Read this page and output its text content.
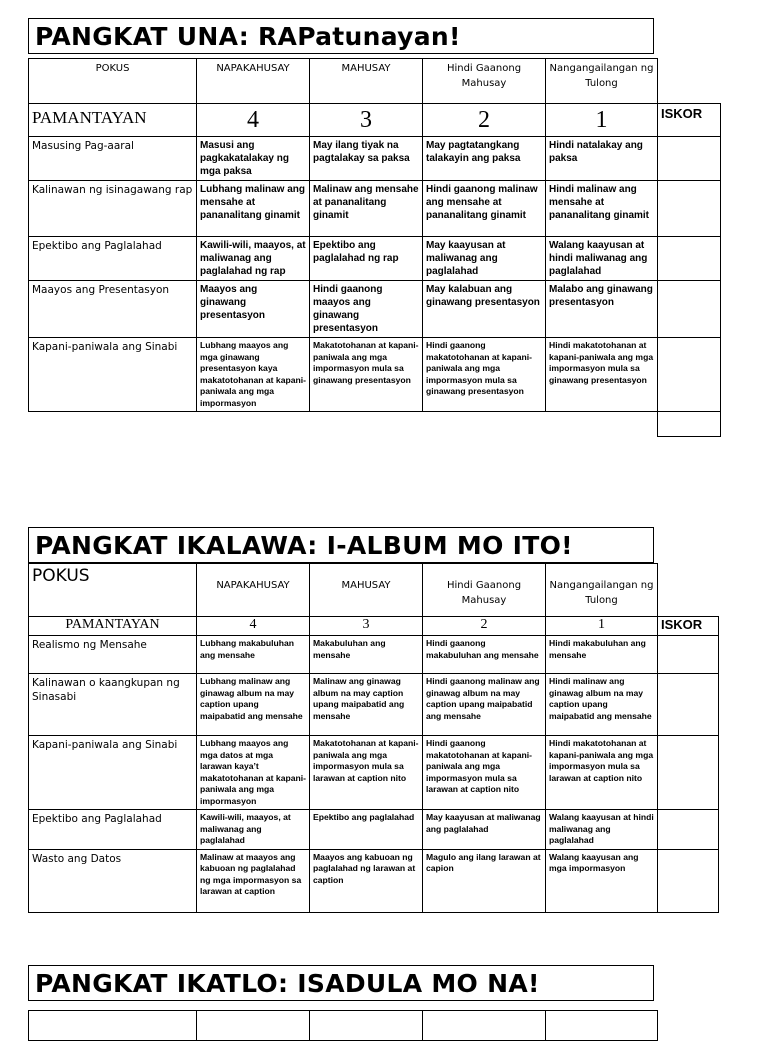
PANGKAT UNA: RAPatunayan!
POKUS	NAPAKAHUSAY	MAHUSAY	Hindi Gaanong Mahusay	Nangangailangan ng Tulong	
PAMANTAYAN	4	3	2	1	ISKOR
Masusing Pag-aaral	Masusi ang pagkakatalakay ng mga paksa	May ilang tiyak na pagtalakay sa paksa	May pagtatangkang talakayin ang paksa	Hindi natalakay ang paksa	
Kalinawan ng isinagawang rap	Lubhang malinaw ang mensahe at pananalitang ginamit	Malinaw ang mensahe at pananalitang ginamit	Hindi gaanong malinaw ang mensahe at pananalitang ginamit	Hindi malinaw ang mensahe at pananalitang ginamit	
Epektibo ang Paglalahad	Kawili-wili, maayos, at maliwanag ang paglalahad ng rap	Epektibo ang paglalahad ng rap	May kaayusan at maliwanag ang paglalahad	Walang kaayusan at hindi maliwanag ang paglalahad	
Maayos ang Presentasyon	Maayos ang ginawang presentasyon	Hindi gaanong maayos ang ginawang presentasyon	May kalabuan ang ginawang presentasyon	Malabo ang ginawang presentasyon	
Kapani-paniwala ang Sinabi	Lubhang maayos ang mga ginawang presentasyon kaya makatotohanan at kapani-paniwala ang mga impormasyon	Makatotohanan at kapani-paniwala ang mga impormasyon mula sa ginawang presentasyon	Hindi gaanong makatotohanan at kapani-paniwala ang mga impormasyon mula sa ginawang presentasyon	Hindi makatotohanan at kapani-paniwala ang mga impormasyon mula sa ginawang presentasyon	

PANGKAT IKALAWA: I-ALBUM MO ITO!
POKUS	NAPAKAHUSAY	MAHUSAY	Hindi Gaanong Mahusay	Nangangailangan ng Tulong	
PAMANTAYAN	4	3	2	1	ISKOR
Realismo ng Mensahe	Lubhang makabuluhan ang mensahe	Makabuluhan ang mensahe	Hindi gaanong makabuluhan ang mensahe	Hindi makabuluhan ang mensahe	
Kalinawan o kaangkupan ng Sinasabi	Lubhang malinaw ang ginawag album na may caption upang maipabatid ang mensahe	Malinaw ang ginawag album na may caption upang maipabatid ang mensahe	Hindi gaanong malinaw ang ginawag album na may caption upang maipabatid ang mensahe	Hindi malinaw ang ginawag album na may caption upang maipabatid ang mensahe	
Kapani-paniwala ang Sinabi	Lubhang maayos ang mga datos at mga larawan kaya’t makatotohanan at kapani-paniwala ang mga impormasyon	Makatotohanan at kapani-paniwala ang mga impormasyon mula sa larawan at caption nito	Hindi gaanong makatotohanan at kapani-paniwala ang mga impormasyon mula sa larawan at caption nito	Hindi makatotohanan at kapani-paniwala ang mga impormasyon mula sa larawan at caption nito	
Epektibo ang Paglalahad	Kawili-wili, maayos, at maliwanag ang paglalahad	Epektibo ang paglalahad	May kaayusan at maliwanag ang paglalahad	Walang kaayusan at hindi maliwanag ang paglalahad	
Wasto ang Datos	Malinaw at maayos ang kabuoan ng paglalahad ng mga impormasyon sa larawan at caption	Maayos ang kabuoan ng paglalahad ng larawan at caption	Magulo ang ilang larawan at capion	Walang kaayusan ang mga impormasyon	
PANGKAT IKATLO: ISADULA MO NA!
